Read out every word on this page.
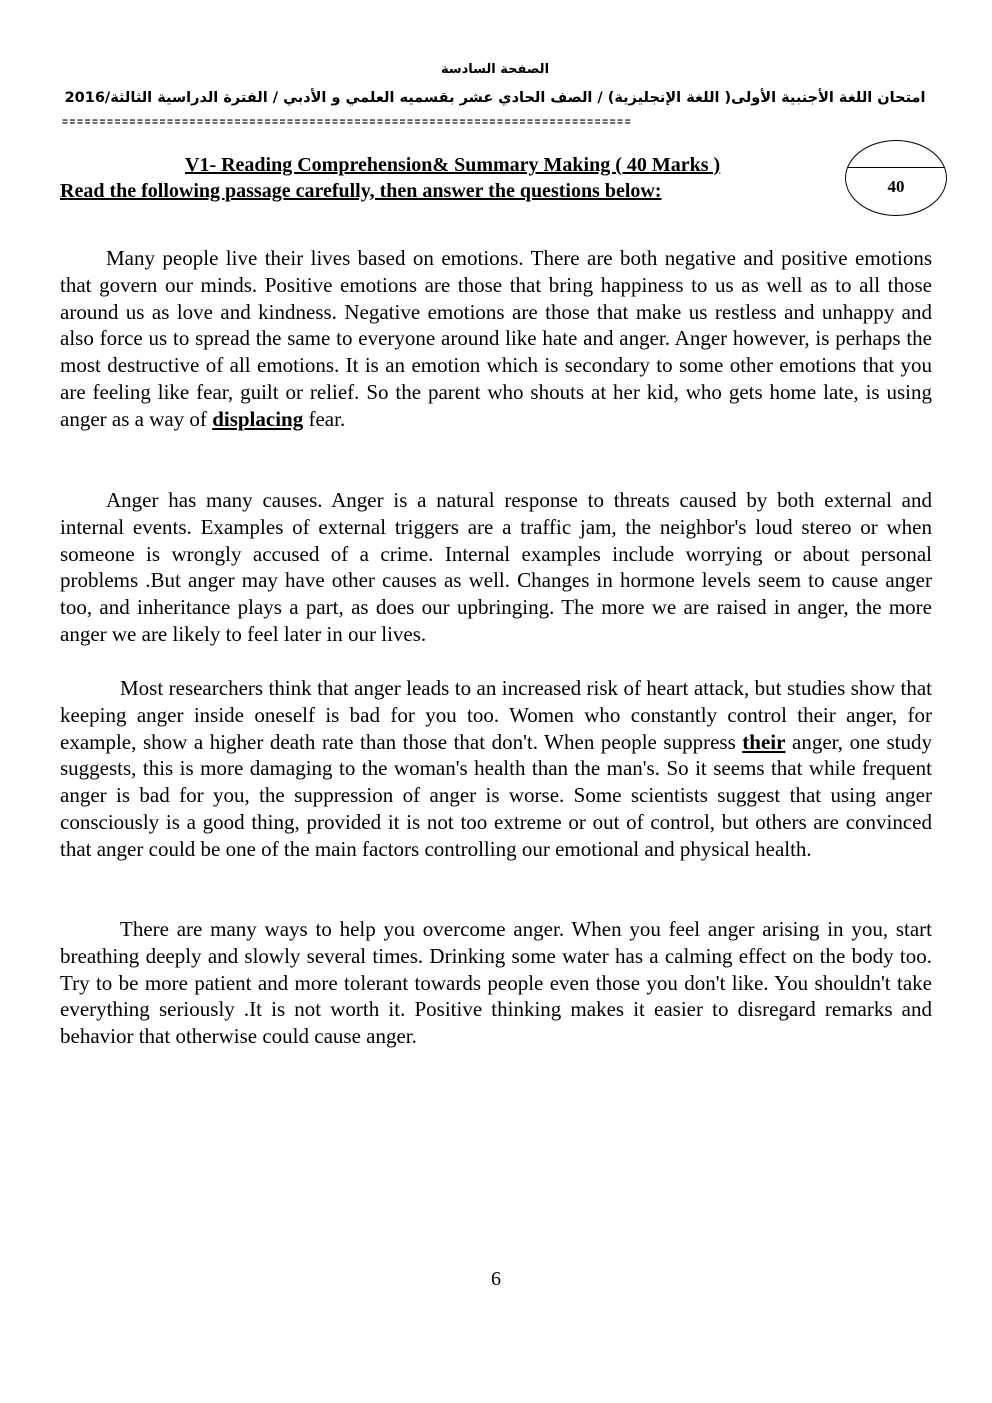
الصفحة السادسة
امتحان اللغة الأجنبية الأولى( اللغة الإنجليزية) / الصف الحادي عشر بقسميه العلمي و الأدبي / الفترة الدراسية الثالثة/2016
============================================================================
V1- Reading Comprehension& Summary Making ( 40 Marks )
Read the following passage carefully, then answer the questions below:	40

Many people live their lives based on emotions. There are both negative and positive emotions that govern our minds. Positive emotions are those that bring happiness to us as well as to all those around us as love and kindness. Negative emotions are those that make us restless and unhappy and also force us to spread the same to everyone around like hate and anger. Anger however, is perhaps the most destructive of all emotions. It is an emotion which is secondary to some other emotions that you are feeling like fear, guilt or relief. So the parent who shouts at her kid, who gets home late, is using anger as a way of displacing fear.

Anger has many causes. Anger is a natural response to threats caused by both external and internal events. Examples of external triggers are a traffic jam, the neighbor's loud stereo or when someone is wrongly accused of a crime. Internal examples include worrying or about personal problems .But anger may have other causes as well. Changes in hormone levels seem to cause anger too, and inheritance plays a part, as does our upbringing. The more we are raised in anger, the more anger we are likely to feel later in our lives.

Most researchers think that anger leads to an increased risk of heart attack, but studies show that keeping anger inside oneself is bad for you too. Women who constantly control their anger, for example, show a higher death rate than those that don't. When people suppress their anger, one study suggests, this is more damaging to the woman's health than the man's. So it seems that while frequent anger is bad for you, the suppression of anger is worse. Some scientists suggest that using anger consciously is a good thing, provided it is not too extreme or out of control, but others are convinced that anger could be one of the main factors controlling our emotional and physical health.

There are many ways to help you overcome anger. When you feel anger arising in you, start breathing deeply and slowly several times. Drinking some water has a calming effect on the body too. Try to be more patient and more tolerant towards people even those you don't like. You shouldn't take everything seriously .It is not worth it. Positive thinking makes it easier to disregard remarks and behavior that otherwise could cause anger.

6
